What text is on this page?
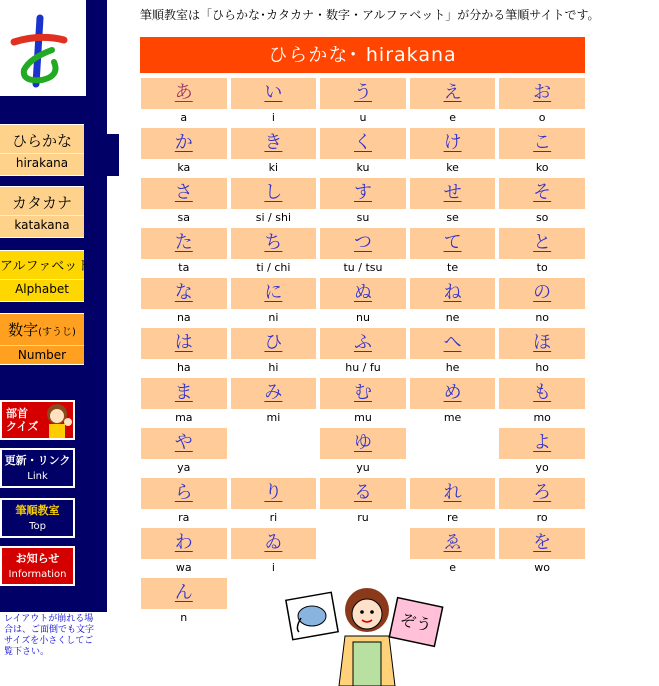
ひらかな
hirakana
カタカナ
katakana
アルファベット
Alphabet
数字(すうじ)
Number
部首
クイズ
更新・リンク
Link
筆順教室
Top
お知らせ
Information
レイアウトが崩れる場合は、ご面倒でも文字サイズを小さくしてご覧下さい。
筆順教室は「ひらかな･カタカナ・数字・アルファベット」が分かる筆順サイトです。
ひらかな･ hirakana
あ
a
い
i
う
u
え
e
お
o
か
ka
き
ki
く
ku
け
ke
こ
ko
さ
sa
し
si / shi
す
su
せ
se
そ
so
た
ta
ち
ti / chi
つ
tu / tsu
て
te
と
to
な
na
に
ni
ぬ
nu
ね
ne
の
no
は
ha
ひ
hi
ふ
hu / fu
へ
he
ほ
ho
ま
ma
み
mi
む
mu
め
me
も
mo
や
ya
ゆ
yu
よ
yo
ら
ra
り
ri
る
ru
れ
re
ろ
ro
わ
wa
ゐ
i
ゑ
e
を
wo
ん
n	ぞう
